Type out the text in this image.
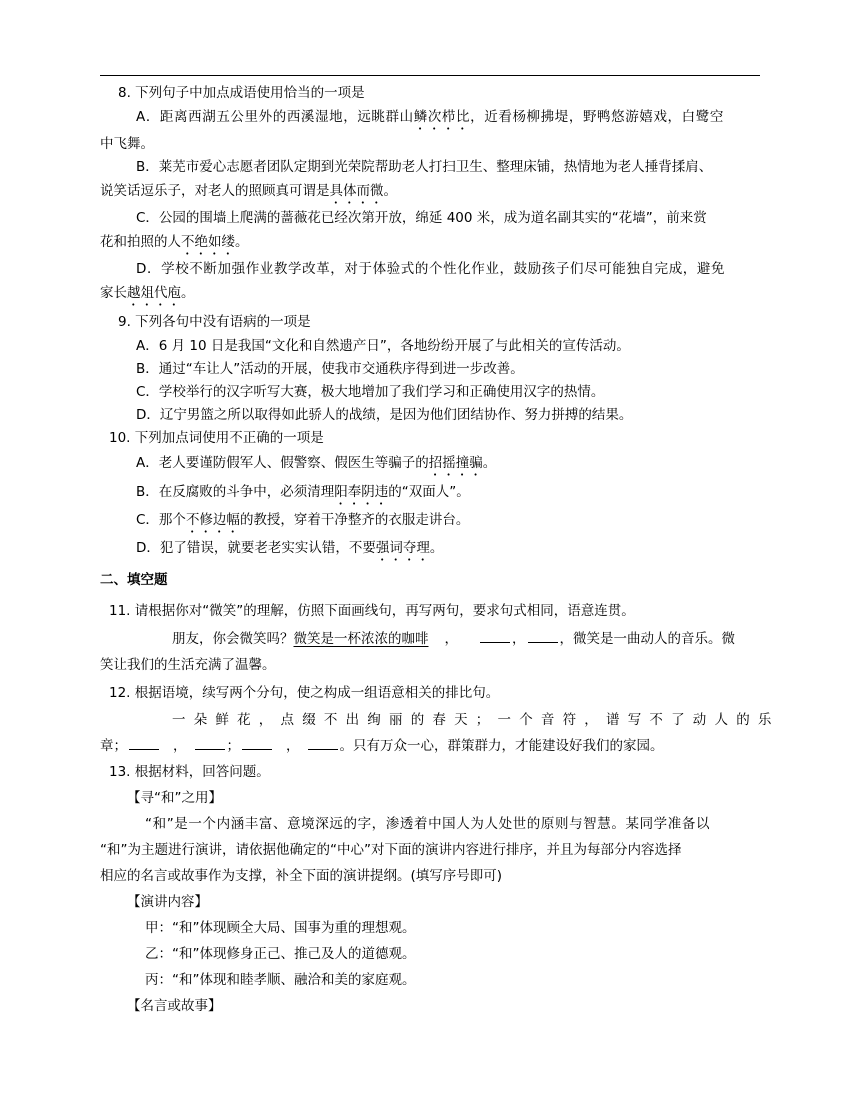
8. 下列句子中加点成语使用恰当的一项是
A．距离西湖五公里外的西溪湿地，远眺群山鳞次栉比，近看杨柳拂堤，野鸭悠游嬉戏，白鹭空
中飞舞。
B．莱芜市爱心志愿者团队定期到光荣院帮助老人打扫卫生、整理床铺，热情地为老人捶背揉肩、
说笑话逗乐子，对老人的照顾真可谓是具体而微。
C．公园的围墙上爬满的蔷薇花已经次第开放，绵延 400 米，成为道名副其实的“花墙”，前来赏
花和拍照的人不绝如缕。
D．学校不断加强作业教学改革，对于体验式的个性化作业，鼓励孩子们尽可能独自完成，避免
家长越俎代庖。
9. 下列各句中没有语病的一项是
A．6 月 10 日是我国“文化和自然遗产日”，各地纷纷开展了与此相关的宣传活动。
B．通过“车让人”活动的开展，使我市交通秩序得到进一步改善。
C．学校举行的汉字听写大赛，极大地增加了我们学习和正确使用汉字的热情。
D．辽宁男篮之所以取得如此骄人的战绩，是因为他们团结协作、努力拼搏的结果。
10. 下列加点词使用不正确的一项是
A．老人要谨防假军人、假警察、假医生等骗子的招摇撞骗。
B．在反腐败的斗争中，必须清理阳奉阴违的“双面人”。
C．那个不修边幅的教授，穿着干净整齐的衣服走讲台。
D．犯了错误，就要老老实实认错，不要强词夺理。
二、填空题
11. 请根据你对“微笑”的理解，仿照下面画线句，再写两句，要求句式相同，语意连贯。
朋友，你会微笑吗？微笑是一杯浓浓的咖啡 ，	，	，微笑是一曲动人的音乐。微
笑让我们的生活充满了温馨。
12. 根据语境，续写两个分句，使之构成一组语意相关的排比句。
一朵鲜花，点缀不出绚丽的春天；一个音符，谱写不了动人的乐
章；	，	；	，	。只有万众一心，群策群力，才能建设好我们的家园。
13. 根据材料，回答问题。
【寻“和”之用】
“和”是一个内涵丰富、意境深远的字，渗透着中国人为人处世的原则与智慧。某同学准备以
“和”为主题进行演讲，请依据他确定的“中心”对下面的演讲内容进行排序，并且为每部分内容选择
相应的名言或故事作为支撑，补全下面的演讲提纲。(填写序号即可)
【演讲内容】
甲：“和”体现顾全大局、国事为重的理想观。
乙：“和”体现修身正己、推己及人的道德观。
丙：“和”体现和睦孝顺、融洽和美的家庭观。
【名言或故事】
